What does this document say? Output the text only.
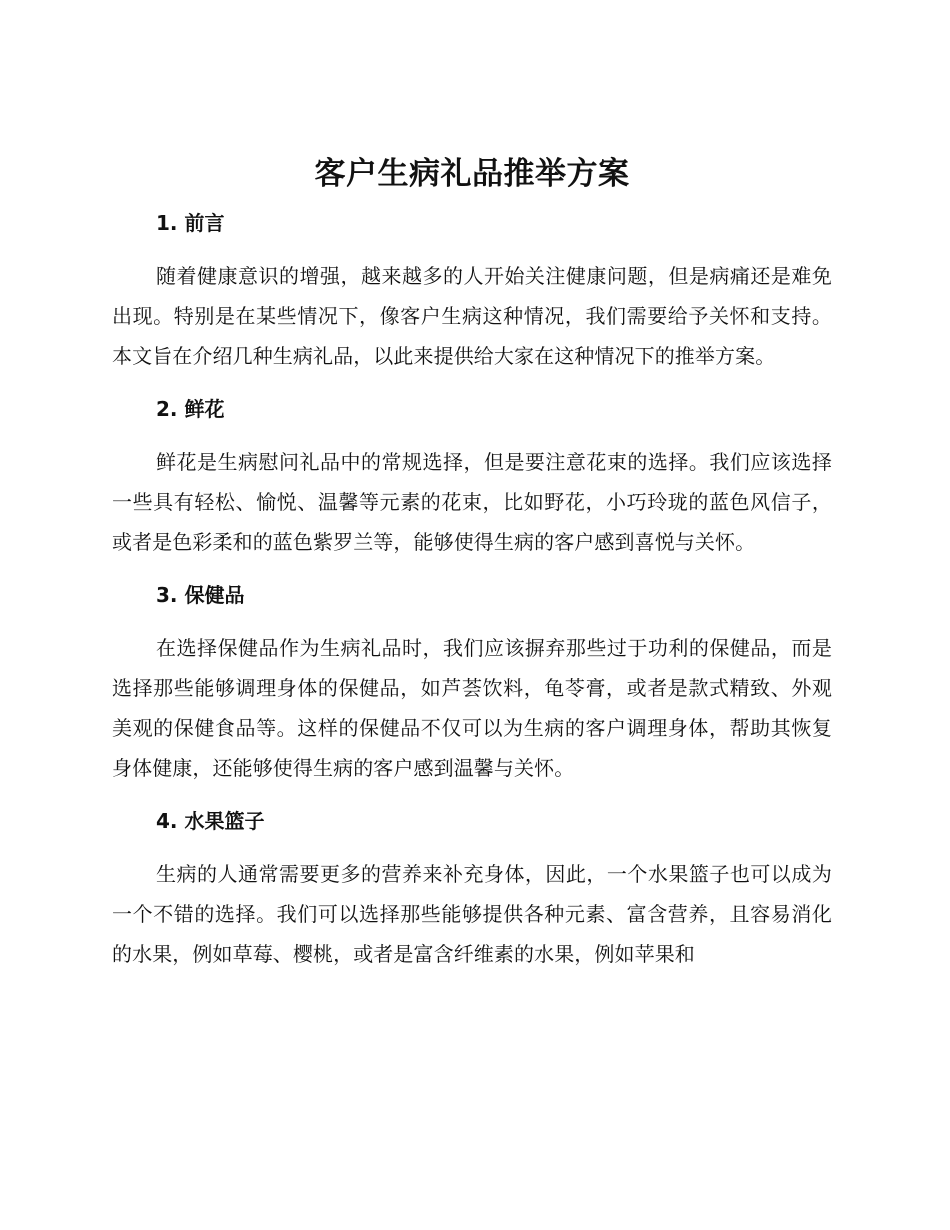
客户生病礼品推举方案
1. 前言

随着健康意识的增强，越来越多的人开始关注健康问题，但是病痛还是难免出现。特别是在某些情况下，像客户生病这种情况，我们需要给予关怀和支持。本文旨在介绍几种生病礼品，以此来提供给大家在这种情况下的推举方案。

2. 鲜花

鲜花是生病慰问礼品中的常规选择，但是要注意花束的选择。我们应该选择一些具有轻松、愉悦、温馨等元素的花束，比如野花，小巧玲珑的蓝色风信子，或者是色彩柔和的蓝色紫罗兰等，能够使得生病的客户感到喜悦与关怀。

3. 保健品

在选择保健品作为生病礼品时，我们应该摒弃那些过于功利的保健品，而是选择那些能够调理身体的保健品，如芦荟饮料，龟苓膏，或者是款式精致、外观美观的保健食品等。这样的保健品不仅可以为生病的客户调理身体，帮助其恢复身体健康，还能够使得生病的客户感到温馨与关怀。

4. 水果篮子

生病的人通常需要更多的营养来补充身体，因此，一个水果篮子也可以成为一个不错的选择。我们可以选择那些能够提供各种元素、富含营养，且容易消化的水果，例如草莓、樱桃，或者是富含纤维素的水果，例如苹果和
